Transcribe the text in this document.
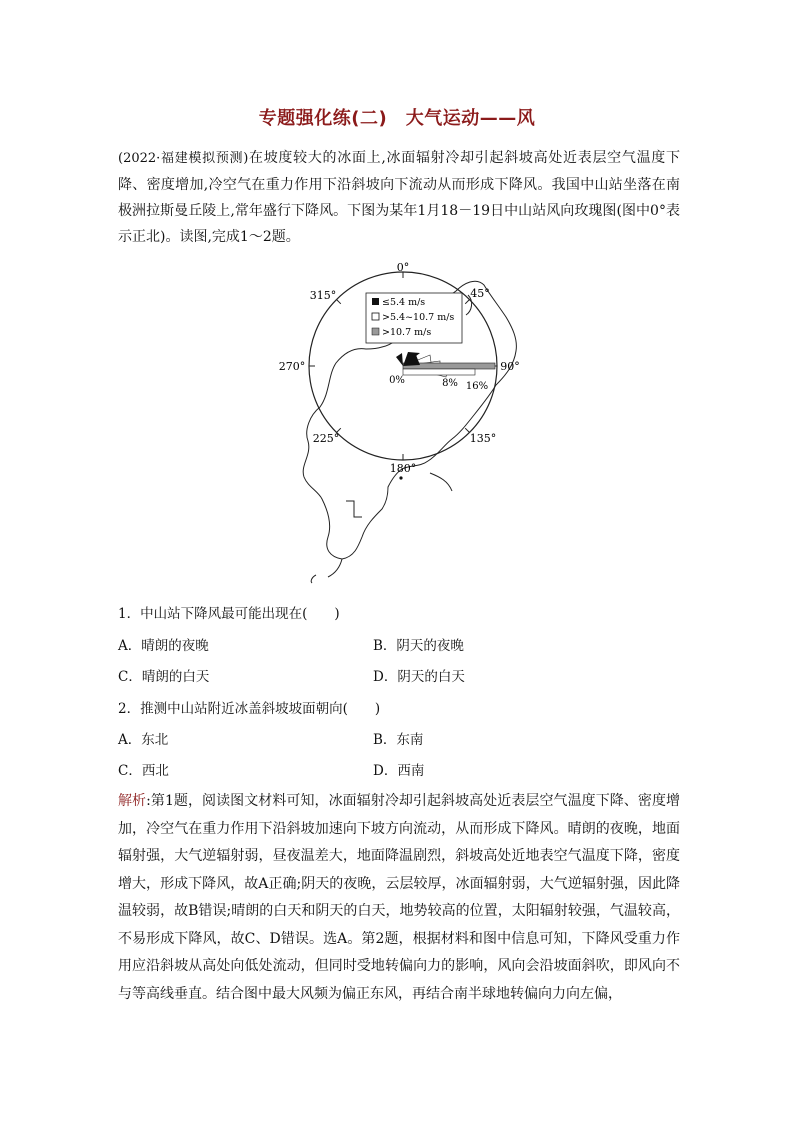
专题强化练(二)　大气运动——风

(2022·福建模拟预测)在坡度较大的冰面上,冰面辐射冷却引起斜坡高处近表层空气温度下降、密度增加,冷空气在重力作用下沿斜坡向下流动从而形成下降风。我国中山站坐落在南极洲拉斯曼丘陵上,常年盛行下降风。下图为某年1月18－19日中山站风向玫瑰图(图中0°表示正北)。读图,完成1～2题。

0°
45°
90°
135°
180°
225°
270°
315°
≤5.4 m/s
>5.4~10.7 m/s
>10.7 m/s
0%	8% 16%
1．中山站下降风最可能出现在(　　)
A．晴朗的夜晚	B．阴天的夜晚
C．晴朗的白天	D．阴天的白天
2．推测中山站附近冰盖斜坡坡面朝向(　　)
A．东北	B．东南
C．西北	D．西南

解析:第1题，阅读图文材料可知，冰面辐射冷却引起斜坡高处近表层空气温度下降、密度增加，冷空气在重力作用下沿斜坡加速向下坡方向流动，从而形成下降风。晴朗的夜晚，地面辐射强，大气逆辐射弱，昼夜温差大，地面降温剧烈，斜坡高处近地表空气温度下降，密度增大，形成下降风，故A正确;阴天的夜晚，云层较厚，冰面辐射弱，大气逆辐射强，因此降温较弱，故B错误;晴朗的白天和阴天的白天，地势较高的位置，太阳辐射较强，气温较高，不易形成下降风，故C、D错误。选A。第2题，根据材料和图中信息可知，下降风受重力作用应沿斜坡从高处向低处流动，但同时受地转偏向力的影响，风向会沿坡面斜吹，即风向不与等高线垂直。结合图中最大风频为偏正东风，再结合南半球地转偏向力向左偏，
